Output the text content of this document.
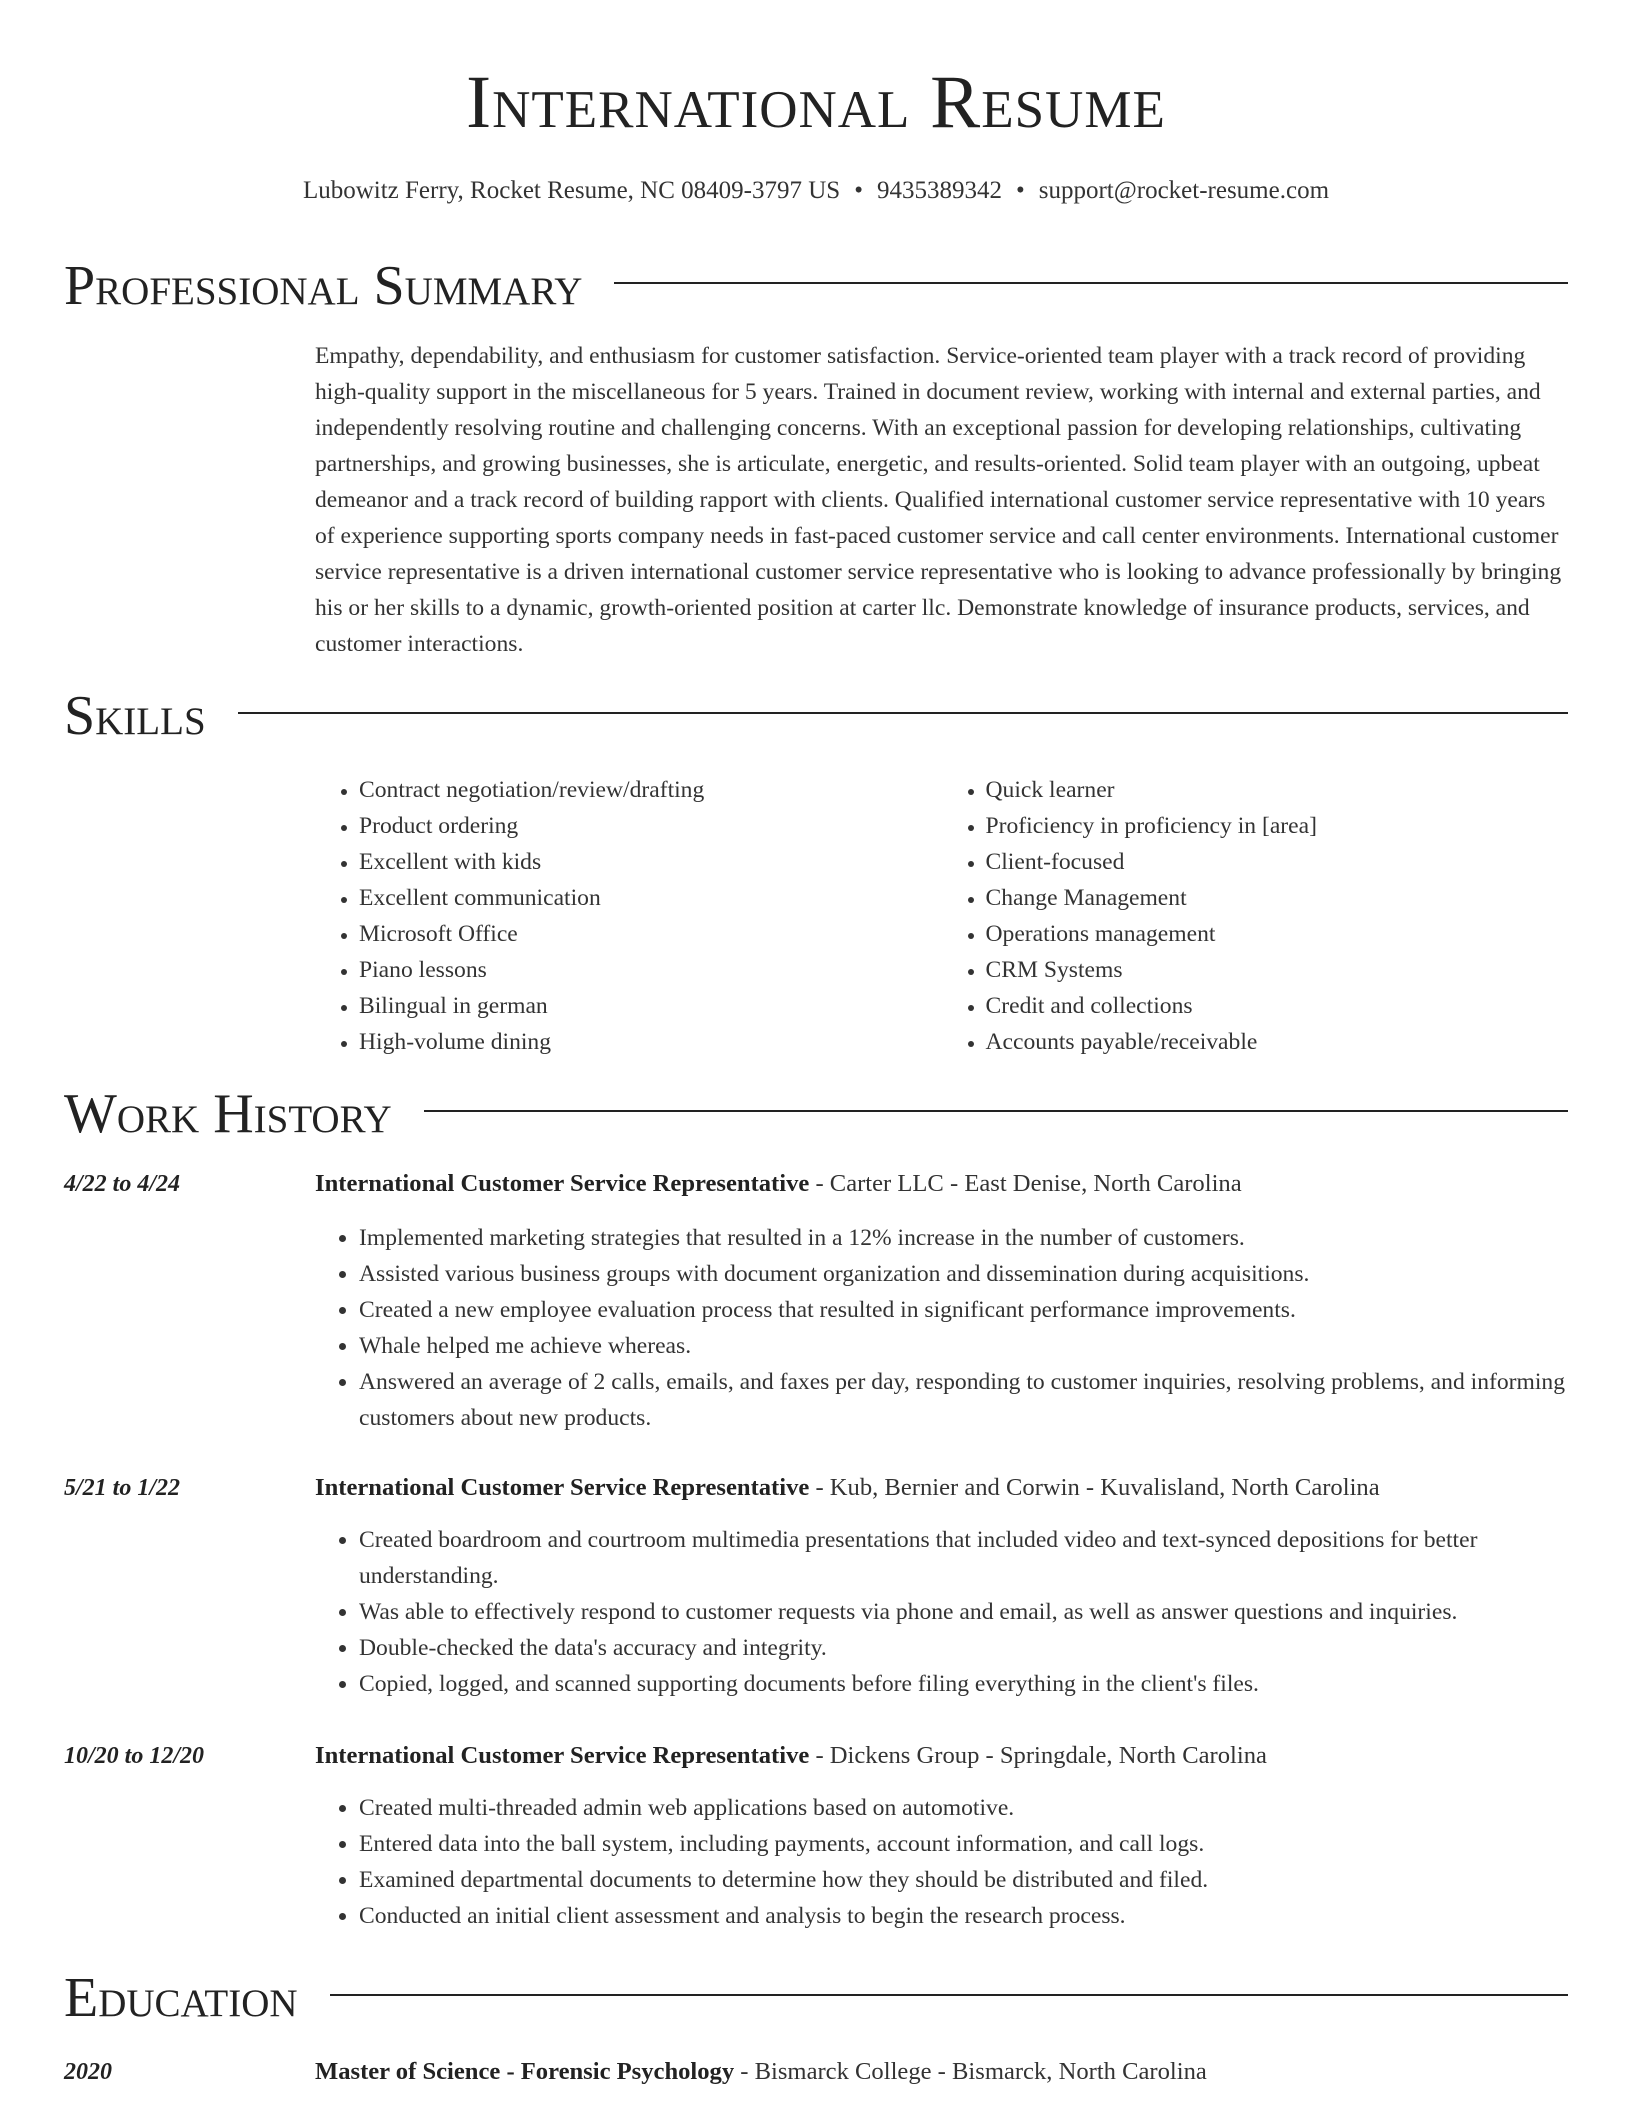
International Resume
Lubowitz Ferry, Rocket Resume, NC 08409-3797 US • 9435389342 • support@rocket-resume.com
Professional Summary

Empathy, dependability, and enthusiasm for customer satisfaction. Service-oriented team player with a track record of providing high-quality support in the miscellaneous for 5 years. Trained in document review, working with internal and external parties, and independently resolving routine and challenging concerns. With an exceptional passion for developing relationships, cultivating partnerships, and growing businesses, she is articulate, energetic, and results-oriented. Solid team player with an outgoing, upbeat demeanor and a track record of building rapport with clients. Qualified international customer service representative with 10 years of experience supporting sports company needs in fast-paced customer service and call center environments. International customer service representative is a driven international customer service representative who is looking to advance professionally by bringing his or her skills to a dynamic, growth-oriented position at carter llc. Demonstrate knowledge of insurance products, services, and customer interactions.

Skills
• Contract negotiation/review/drafting
• Product ordering
• Excellent with kids
• Excellent communication
• Microsoft Office
• Piano lessons
• Bilingual in german
• High-volume dining
• Quick learner
• Proficiency in proficiency in [area]
• Client-focused
• Change Management
• Operations management
• CRM Systems
• Credit and collections
• Accounts payable/receivable
Work History
4/22 to 4/24	International Customer Service Representative - Carter LLC - East Denise, North Carolina
• Implemented marketing strategies that resulted in a 12% increase in the number of customers.
• Assisted various business groups with document organization and dissemination during acquisitions.
• Created a new employee evaluation process that resulted in significant performance improvements.
• Whale helped me achieve whereas.
• Answered an average of 2 calls, emails, and faxes per day, responding to customer inquiries, resolving problems, and informing customers about new products.
5/21 to 1/22	International Customer Service Representative - Kub, Bernier and Corwin - Kuvalisland, North Carolina
• Created boardroom and courtroom multimedia presentations that included video and text-synced depositions for better understanding.
• Was able to effectively respond to customer requests via phone and email, as well as answer questions and inquiries.
• Double-checked the data's accuracy and integrity.
• Copied, logged, and scanned supporting documents before filing everything in the client's files.
10/20 to 12/20	International Customer Service Representative - Dickens Group - Springdale, North Carolina
• Created multi-threaded admin web applications based on automotive.
• Entered data into the ball system, including payments, account information, and call logs.
• Examined departmental documents to determine how they should be distributed and filed.
• Conducted an initial client assessment and analysis to begin the research process.
Education
2020	Master of Science - Forensic Psychology - Bismarck College - Bismarck, North Carolina
